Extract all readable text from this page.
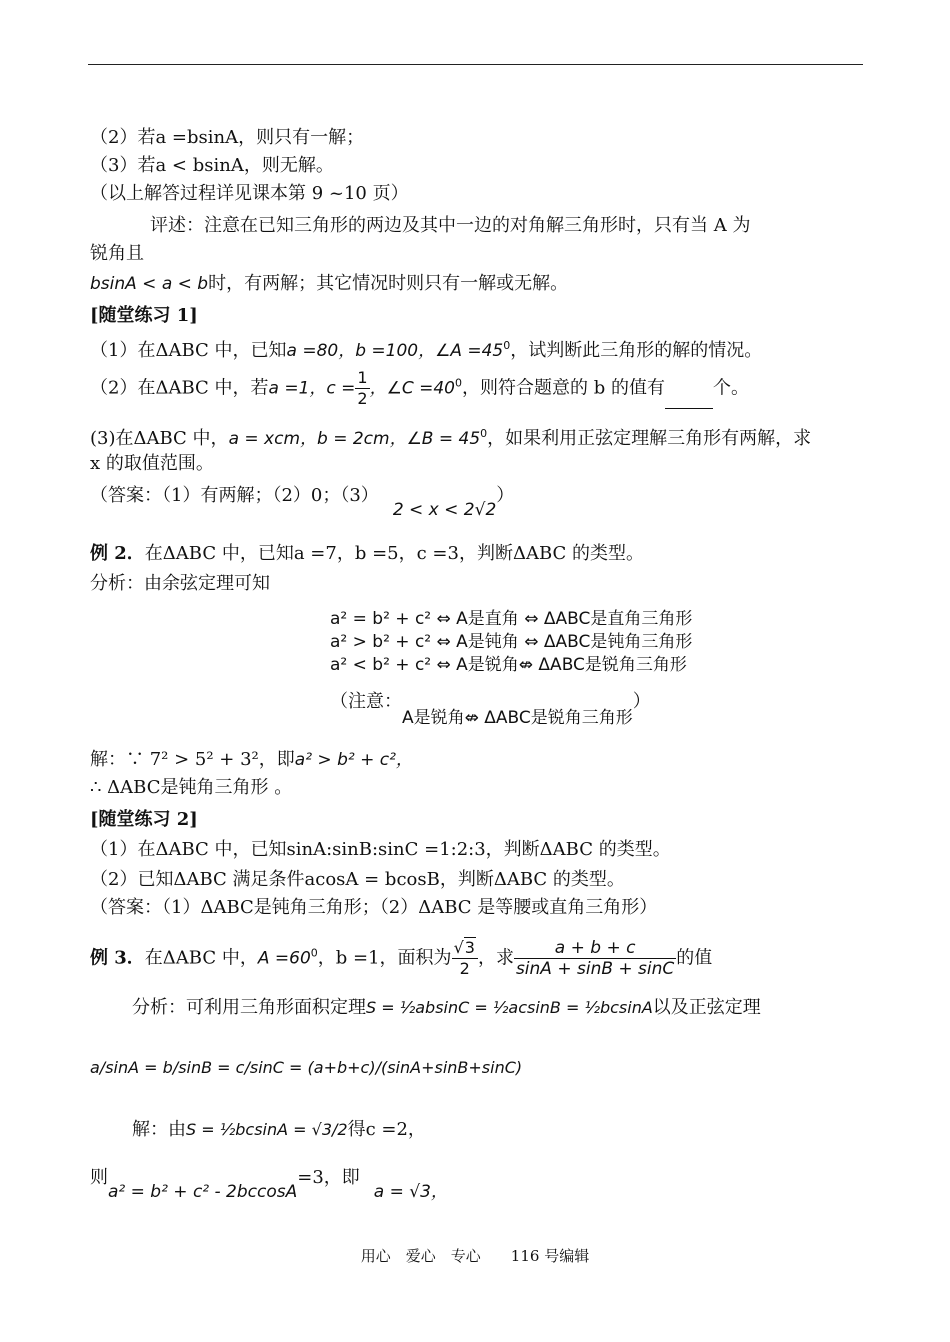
（2）若a =bsinA，则只有一解；
（3）若a < bsinA，则无解。
（以上解答过程详见课本第 9 ~10 页）
评述：注意在已知三角形的两边及其中一边的对角解三角形时，只有当 A 为
锐角且
bsinA < a < b时，有两解；其它情况时则只有一解或无解。
[随堂练习 1]
（1）在ΔABC 中，已知a =80，b =100，∠A $=45^0$，试判断此三角形的解的情况。
（2）在ΔABC 中，若a =1，$c = \frac{1}{2}$ ，∠C $=40^0$，则符合题意的 b 的值有	个。
(3)在ΔABC 中，a = xcm，b = 2cm，∠B = $45^0$，如果利用正弦定理解三角形有两解，求
x 的取值范围。
（答案：（1）有两解；（2）0；（3）2 < x < 2√2）
例 2．在ΔABC 中，已知a =7，b =5，c =3，判断ΔABC 的类型。
分析：由余弦定理可知
a² = b² + c² ⇔ A是直角 ⇔ ΔABC是直角三角形
a² > b² + c² ⇔ A是钝角 ⇔ ΔABC是钝角三角形
a² < b² + c² ⇔ A是锐角⇎ ΔABC是锐角三角形
（注意：A是锐角⇎ ΔABC是锐角三角形）
解：∵ 7² > 5² + 3²，即a² > b² + c²，
∴ ΔABC是钝角三角形 。
[随堂练习 2]
（1）在ΔABC 中，已知sinA:sinB:sinC =1:2:3，判断ΔABC 的类型。
（2）已知ΔABC 满足条件acosA = bcosB，判断ΔABC 的类型。
（答案：（1）ΔABC是钝角三角形；（2）ΔABC 是等腰或直角三角形）
例 3．在ΔABC 中，$A =60^0$，b =1，面积为 $\frac{√3}{2}$ ，求 $\frac{a + b + c}{\sin A + \sin B + \sin C}$ 的值
分析：可利用三角形面积定理S = ½absinC = ½acsinB = ½bcsinA以及正弦定理
a/sinA = b/sinB = c/sinC = (a+b+c)/(sinA+sinB+sinC)
解：由S = ½bcsinA = √3/2得c =2，
则a² = b² + c² - 2bccosA=3，即a = √3，
用心　爱心　专心　　116 号编辑
